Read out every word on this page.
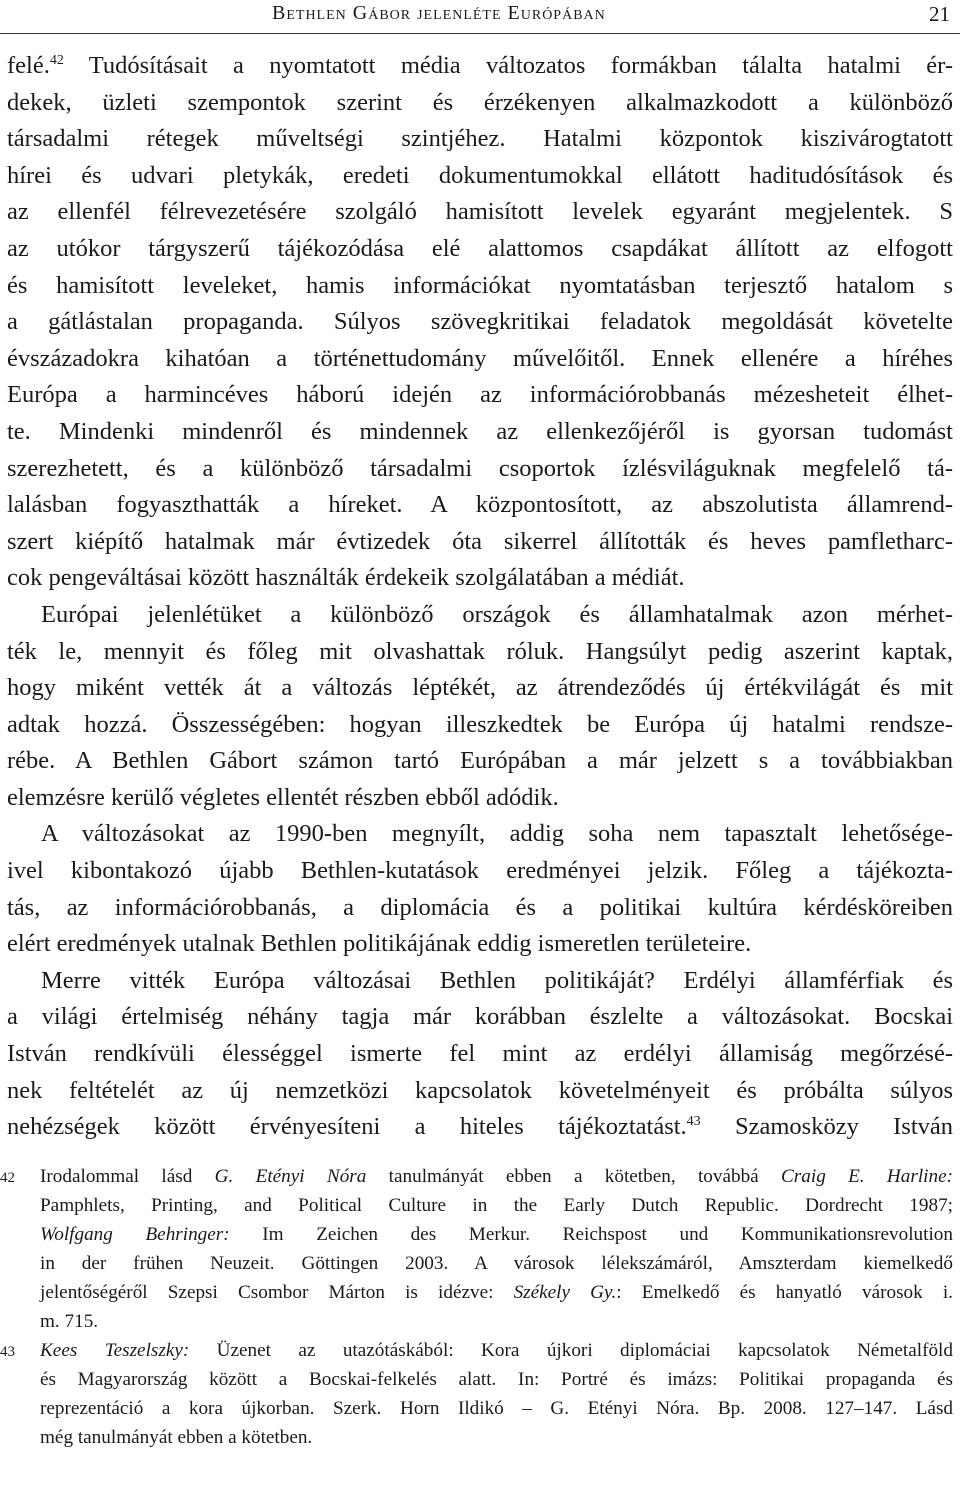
Bethlen Gábor jelenléte Európában	21
felé.$^{42}$ Tudósításait a nyomtatott média változatos formákban tálalta hatalmi ér-
dekek, üzleti szempontok szerint és érzékenyen alkalmazkodott a különböző
társadalmi rétegek műveltségi szintjéhez. Hatalmi központok kiszivárogtatott
hírei és udvari pletykák, eredeti dokumentumokkal ellátott haditudósítások és
az ellenfél félrevezetésére szolgáló hamisított levelek egyaránt megjelentek. S
az utókor tárgyszerű tájékozódása elé alattomos csapdákat állított az elfogott
és hamisított leveleket, hamis információkat nyomtatásban terjesztő hatalom s
a gátlástalan propaganda. Súlyos szövegkritikai feladatok megoldását követelte
évszázadokra kihatóan a történettudomány művelőitől. Ennek ellenére a híréhes
Európa a harmincéves háború idején az információrobbanás mézesheteit élhet-
te. Mindenki mindenről és mindennek az ellenkezőjéről is gyorsan tudomást
szerezhetett, és a különböző társadalmi csoportok ízlésviláguknak megfelelő tá-
lalásban fogyaszthatták a híreket. A központosított, az abszolutista államrend-
szert kiépítő hatalmak már évtizedek óta sikerrel állították és heves pamfletharc-
cok pengeváltásai között használták érdekeik szolgálatában a médiát.
Európai jelenlétüket a különböző országok és államhatalmak azon mérhet-
ték le, mennyit és főleg mit olvashattak róluk. Hangsúlyt pedig aszerint kaptak,
hogy miként vették át a változás léptékét, az átrendeződés új értékvilágát és mit
adtak hozzá. Összességében: hogyan illeszkedtek be Európa új hatalmi rendsze-
rébe. A Bethlen Gábort számon tartó Európában a már jelzett s a továbbiakban
elemzésre kerülő végletes ellentét részben ebből adódik.
A változásokat az 1990-ben megnyílt, addig soha nem tapasztalt lehetősége-
ivel kibontakozó újabb Bethlen-kutatások eredményei jelzik. Főleg a tájékozta-
tás, az információrobbanás, a diplomácia és a politikai kultúra kérdésköreiben
elért eredmények utalnak Bethlen politikájának eddig ismeretlen területeire.
Merre vitték Európa változásai Bethlen politikáját? Erdélyi államférfiak és
a világi értelmiség néhány tagja már korábban észlelte a változásokat. Bocskai
István rendkívüli élességgel ismerte fel mint az erdélyi államiság megőrzésé-
nek feltételét az új nemzetközi kapcsolatok követelményeit és próbálta súlyos
nehézségek között érvényesíteni a hiteles tájékoztatást.$^{43}$ Szamosközy István
42 Irodalommal lásd G. Etényi Nóra tanulmányát ebben a kötetben, továbbá Craig E. Harline:
Pamphlets, Printing, and Political Culture in the Early Dutch Republic. Dordrecht 1987;
Wolfgang Behringer: Im Zeichen des Merkur. Reichspost und Kommunikationsrevolution
in der frühen Neuzeit. Göttingen 2003. A városok lélekszámáról, Amszterdam kiemelkedő
jelentőségéről Szepsi Csombor Márton is idézve: Székely Gy.: Emelkedő és hanyatló városok i.
m. 715.
43 Kees Teszelszky: Üzenet az utazótáskából: Kora újkori diplomáciai kapcsolatok Németalföld
és Magyarország között a Bocskai-felkelés alatt. In: Portré és imázs: Politikai propaganda és
reprezentáció a kora újkorban. Szerk. Horn Ildikó – G. Etényi Nóra. Bp. 2008. 127–147. Lásd
még tanulmányát ebben a kötetben.
